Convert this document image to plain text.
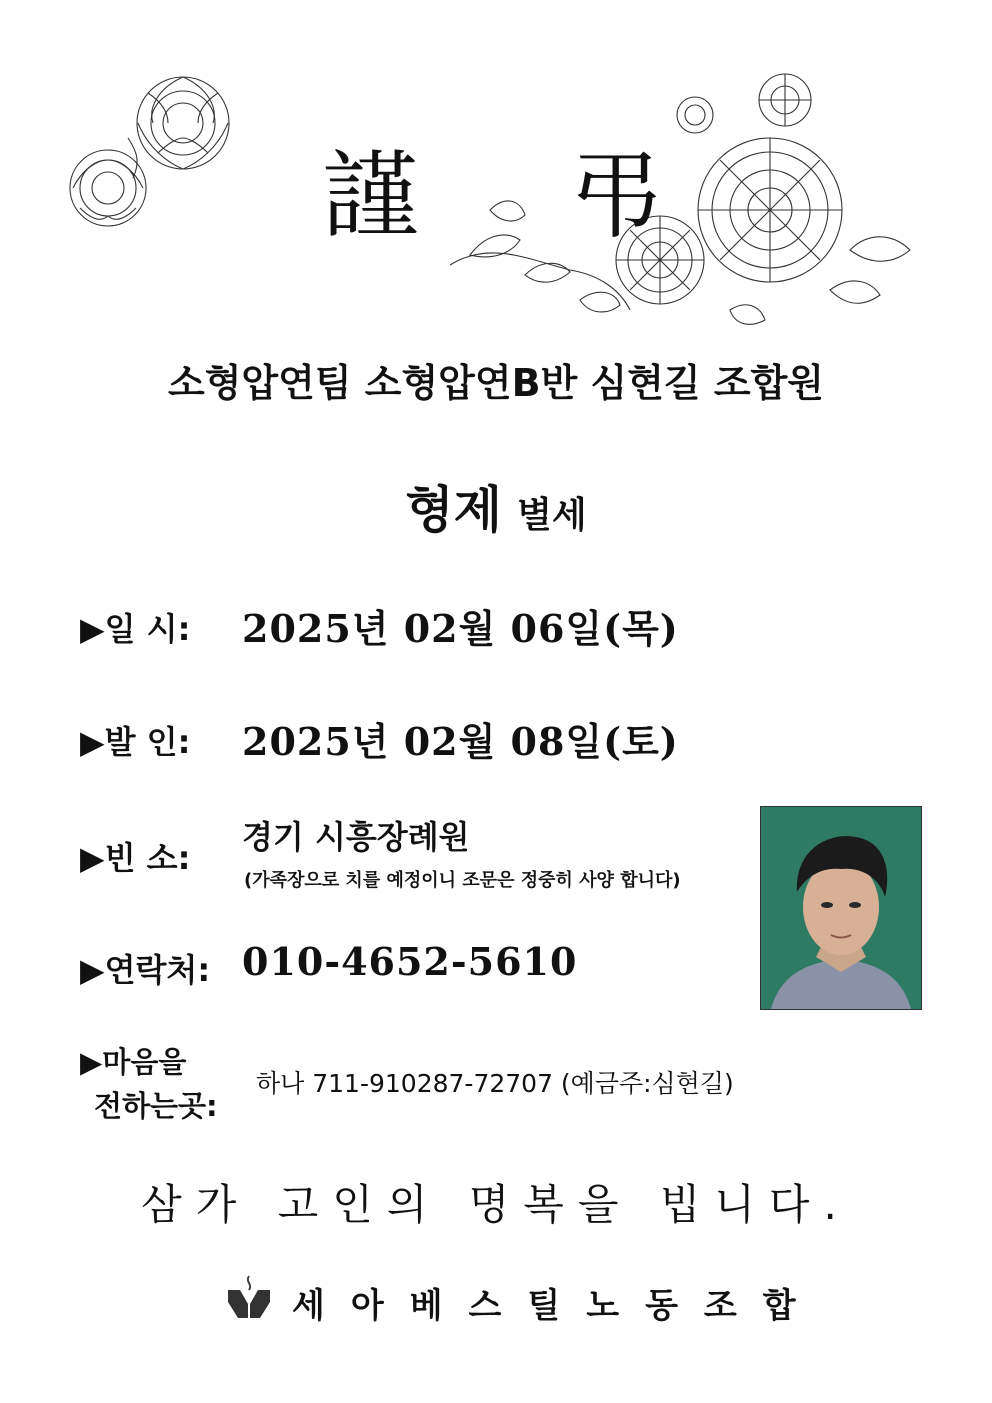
謹 弔
소형압연팀 소형압연B반 심현길 조합원
형제 별세
▶일 시: 2025년 02월 06일(목)
▶발 인: 2025년 02월 08일(토)
▶빈 소:
경기 시흥장례원
(가족장으로 치를 예정이니 조문은 정중히 사양 합니다)
▶연락처: 010-4652-5610
▶마음을
전하는곳:
하나 711-910287-72707 (예금주:심현길)
삼가 고인의 명복을 빕니다.
세아베스틸노동조합
